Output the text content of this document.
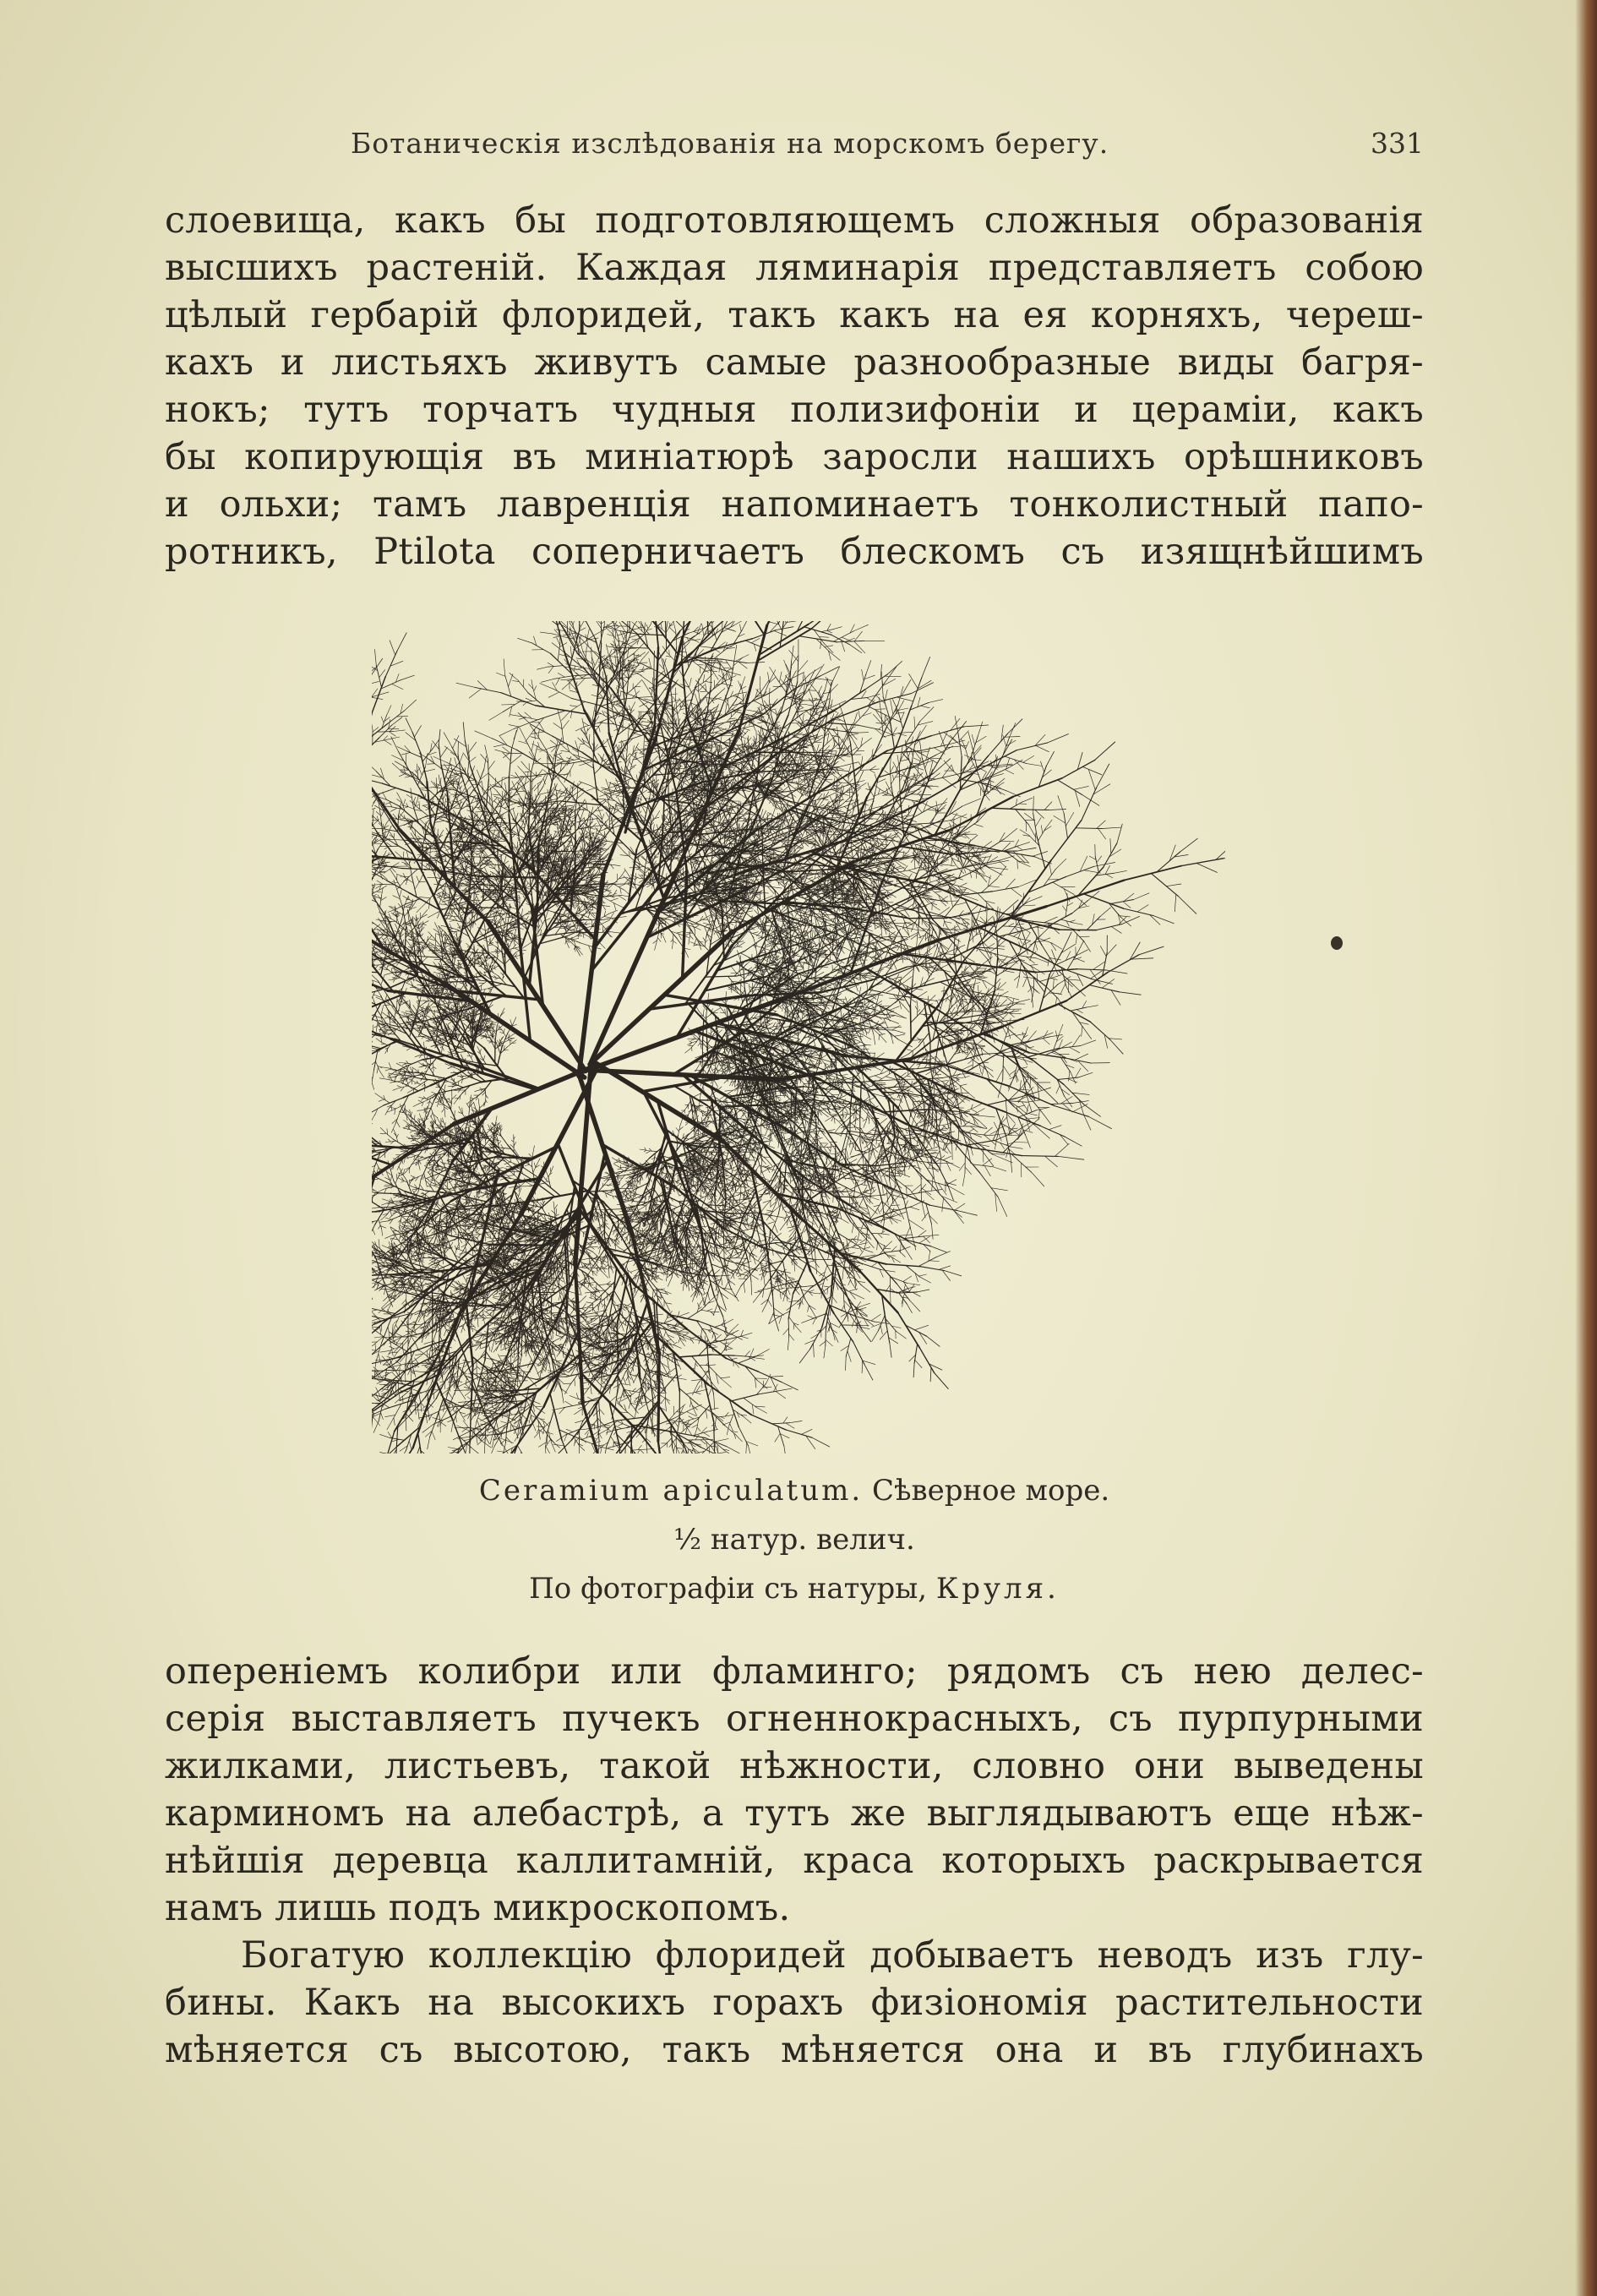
Ботаническія изслѣдованія на морскомъ берегу.	331
слоевища, какъ бы подготовляющемъ сложныя образованія
высшихъ растеній. Каждая ляминарія представляетъ собою
цѣлый гербарій флоридей, такъ какъ на ея корняхъ, череш-
кахъ и листьяхъ живутъ самые разнообразные виды багря-
нокъ; тутъ торчатъ чудныя полизифоніи и цераміи, какъ
бы копирующія въ миніатюрѣ заросли нашихъ орѣшниковъ
и ольхи; тамъ лавренція напоминаетъ тонколистный папо-
ротникъ, Ptilota соперничаетъ блескомъ съ изящнѣйшимъ
Ceramium apiculatum. Сѣверное море.
½ натур. велич.
По фотографіи съ натуры, Круля.
опереніемъ колибри или фламинго; рядомъ съ нею делес-
серія выставляетъ пучекъ огненнокрасныхъ, съ пурпурными
жилками, листьевъ, такой нѣжности, словно они выведены
карминомъ на алебастрѣ, а тутъ же выглядываютъ еще нѣж-
нѣйшія деревца каллитамній, краса которыхъ раскрывается
намъ лишь подъ микроскопомъ.
Богатую коллекцію флоридей добываетъ неводъ изъ глу-
бины. Какъ на высокихъ горахъ физіономія растительности
мѣняется съ высотою, такъ мѣняется она и въ глубинахъ
